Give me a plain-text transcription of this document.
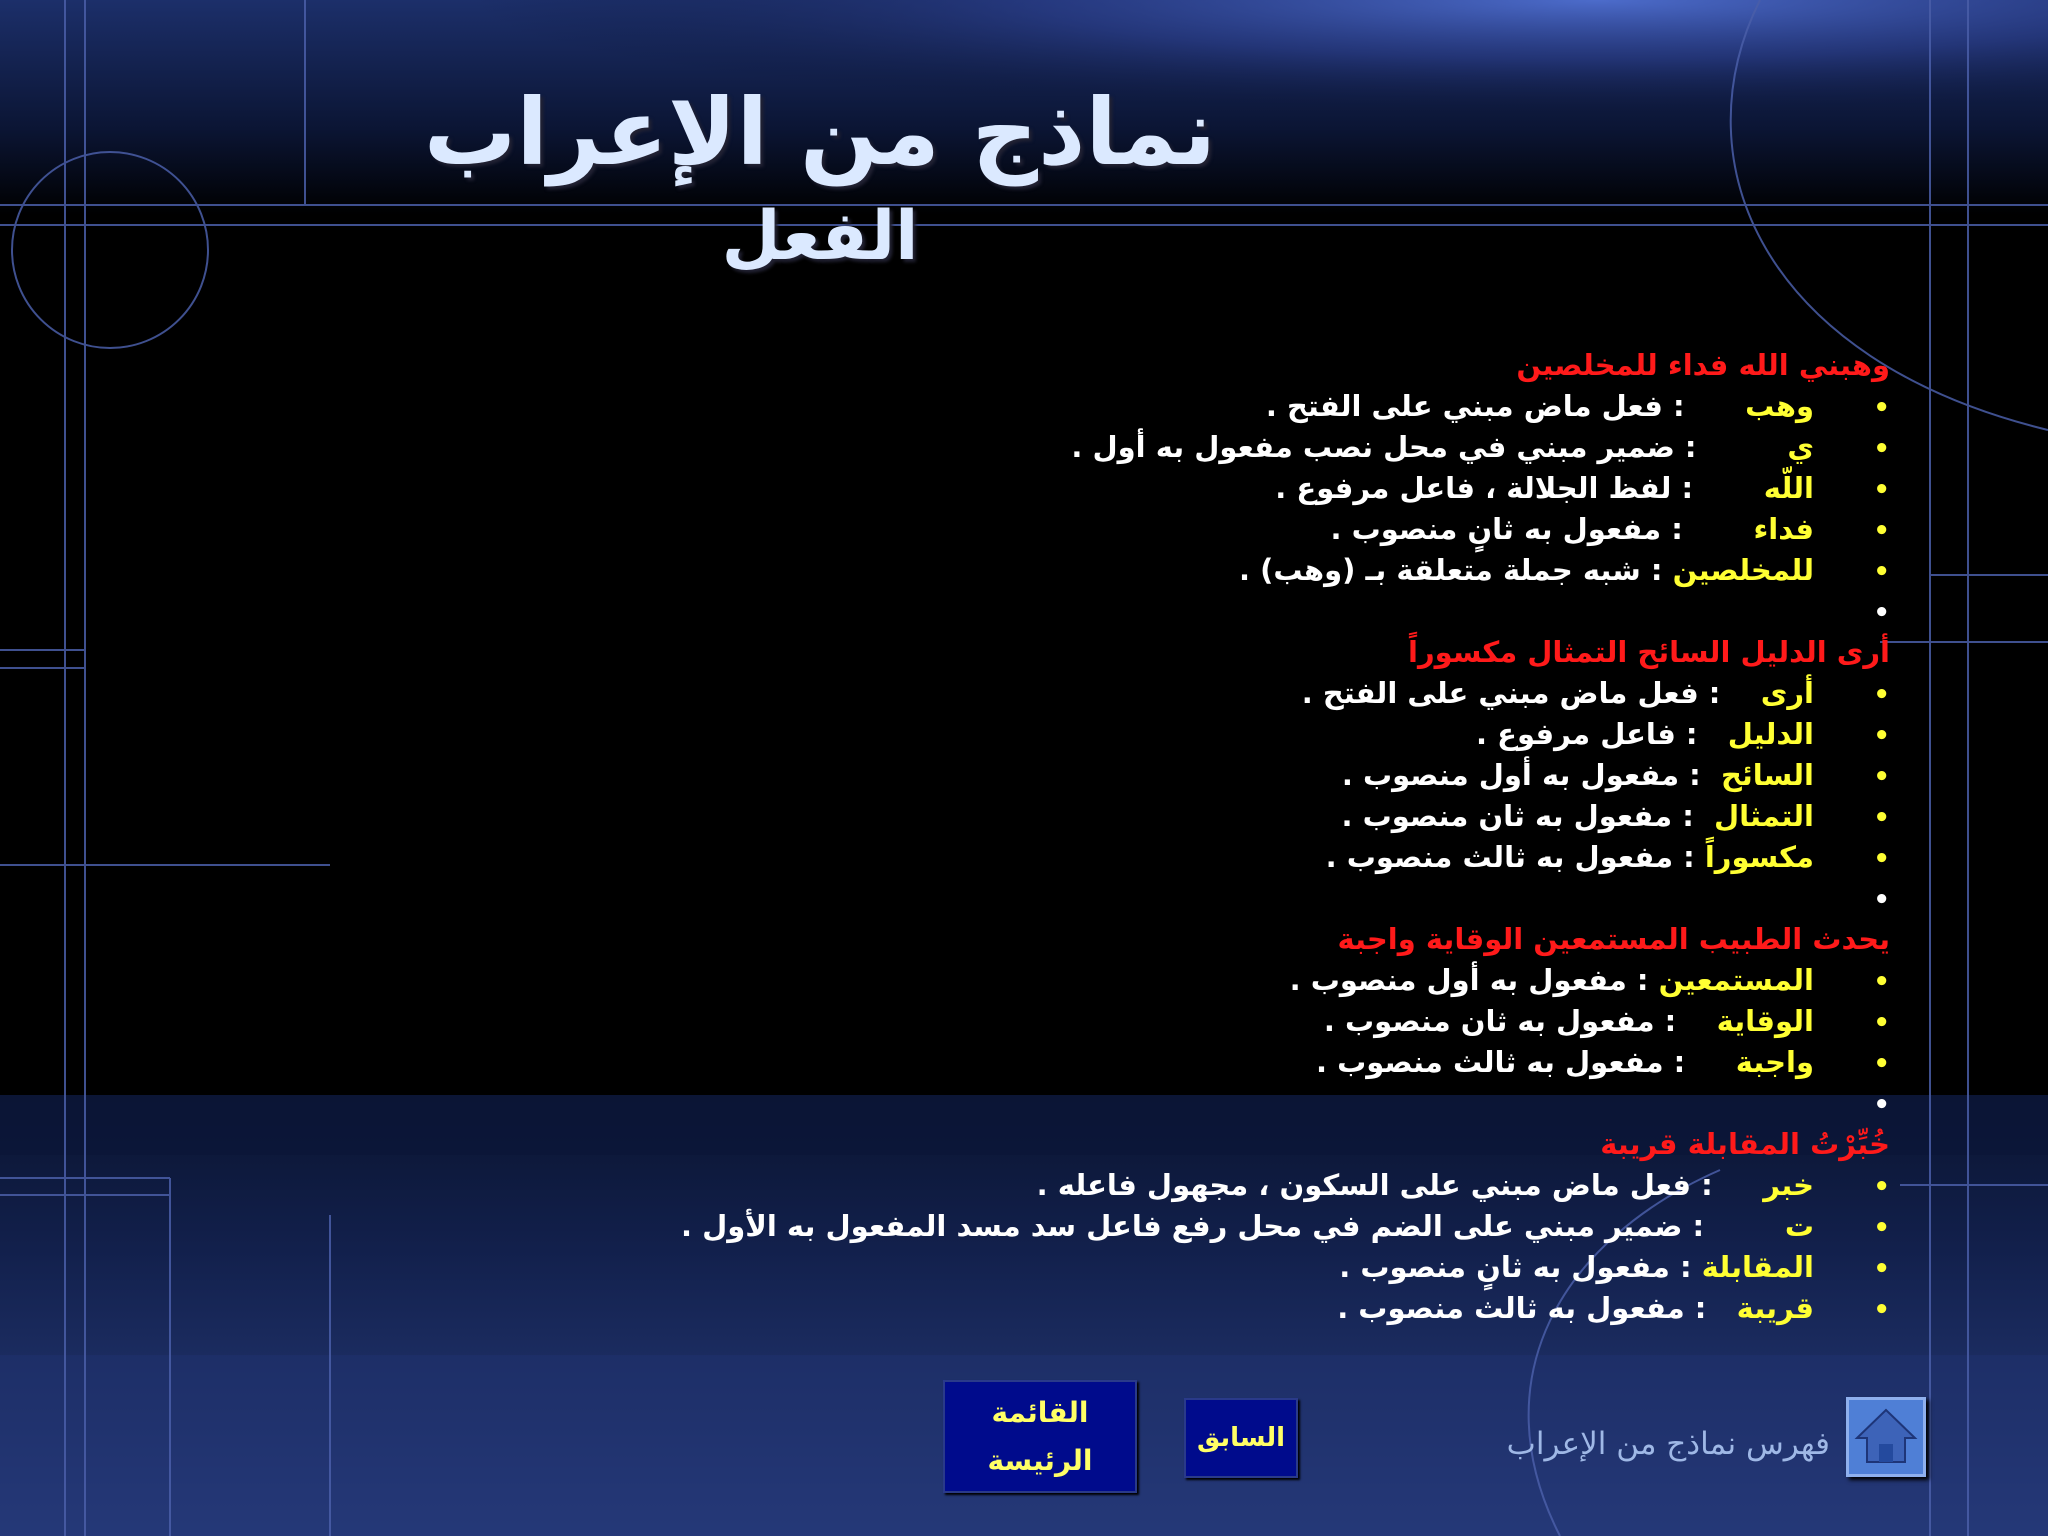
نماذج من الإعراب
الفعل
وهبني الله فداء للمخلصين
•وهب      : فعل ماض مبني على الفتح .
•ي         : ضمير مبني في محل نصب مفعول به أول .
•اللّه       : لفظ الجلالة ، فاعل مرفوع .
•فداء       : مفعول به ثانٍ منصوب .
•للمخلصين : شبه جملة متعلقة بـ (وهب) .
•
أرى الدليل السائح التمثال مكسوراً
•أرى    : فعل ماض مبني على الفتح .
•الدليل   : فاعل مرفوع .
•السائح  : مفعول به أول منصوب .
•التمثال  : مفعول به ثان منصوب .
•مكسوراً : مفعول به ثالث منصوب .
•
يحدث الطبيب المستمعين الوقاية واجبة
•المستمعين : مفعول به أول منصوب .
•الوقاية    : مفعول به ثان منصوب .
•واجبة     : مفعول به ثالث منصوب .
•
خُبِّرْتُ المقابلة قريبة
•خبر     : فعل ماض مبني على السكون ، مجهول فاعله .
•ت        : ضمير مبني على الضم في محل رفع فاعل سد مسد المفعول به الأول .
•المقابلة : مفعول به ثانٍ منصوب .
•قريبة   : مفعول به ثالث منصوب .
القائمة
الرئيسة
السابق	فهرس نماذج من الإعراب
